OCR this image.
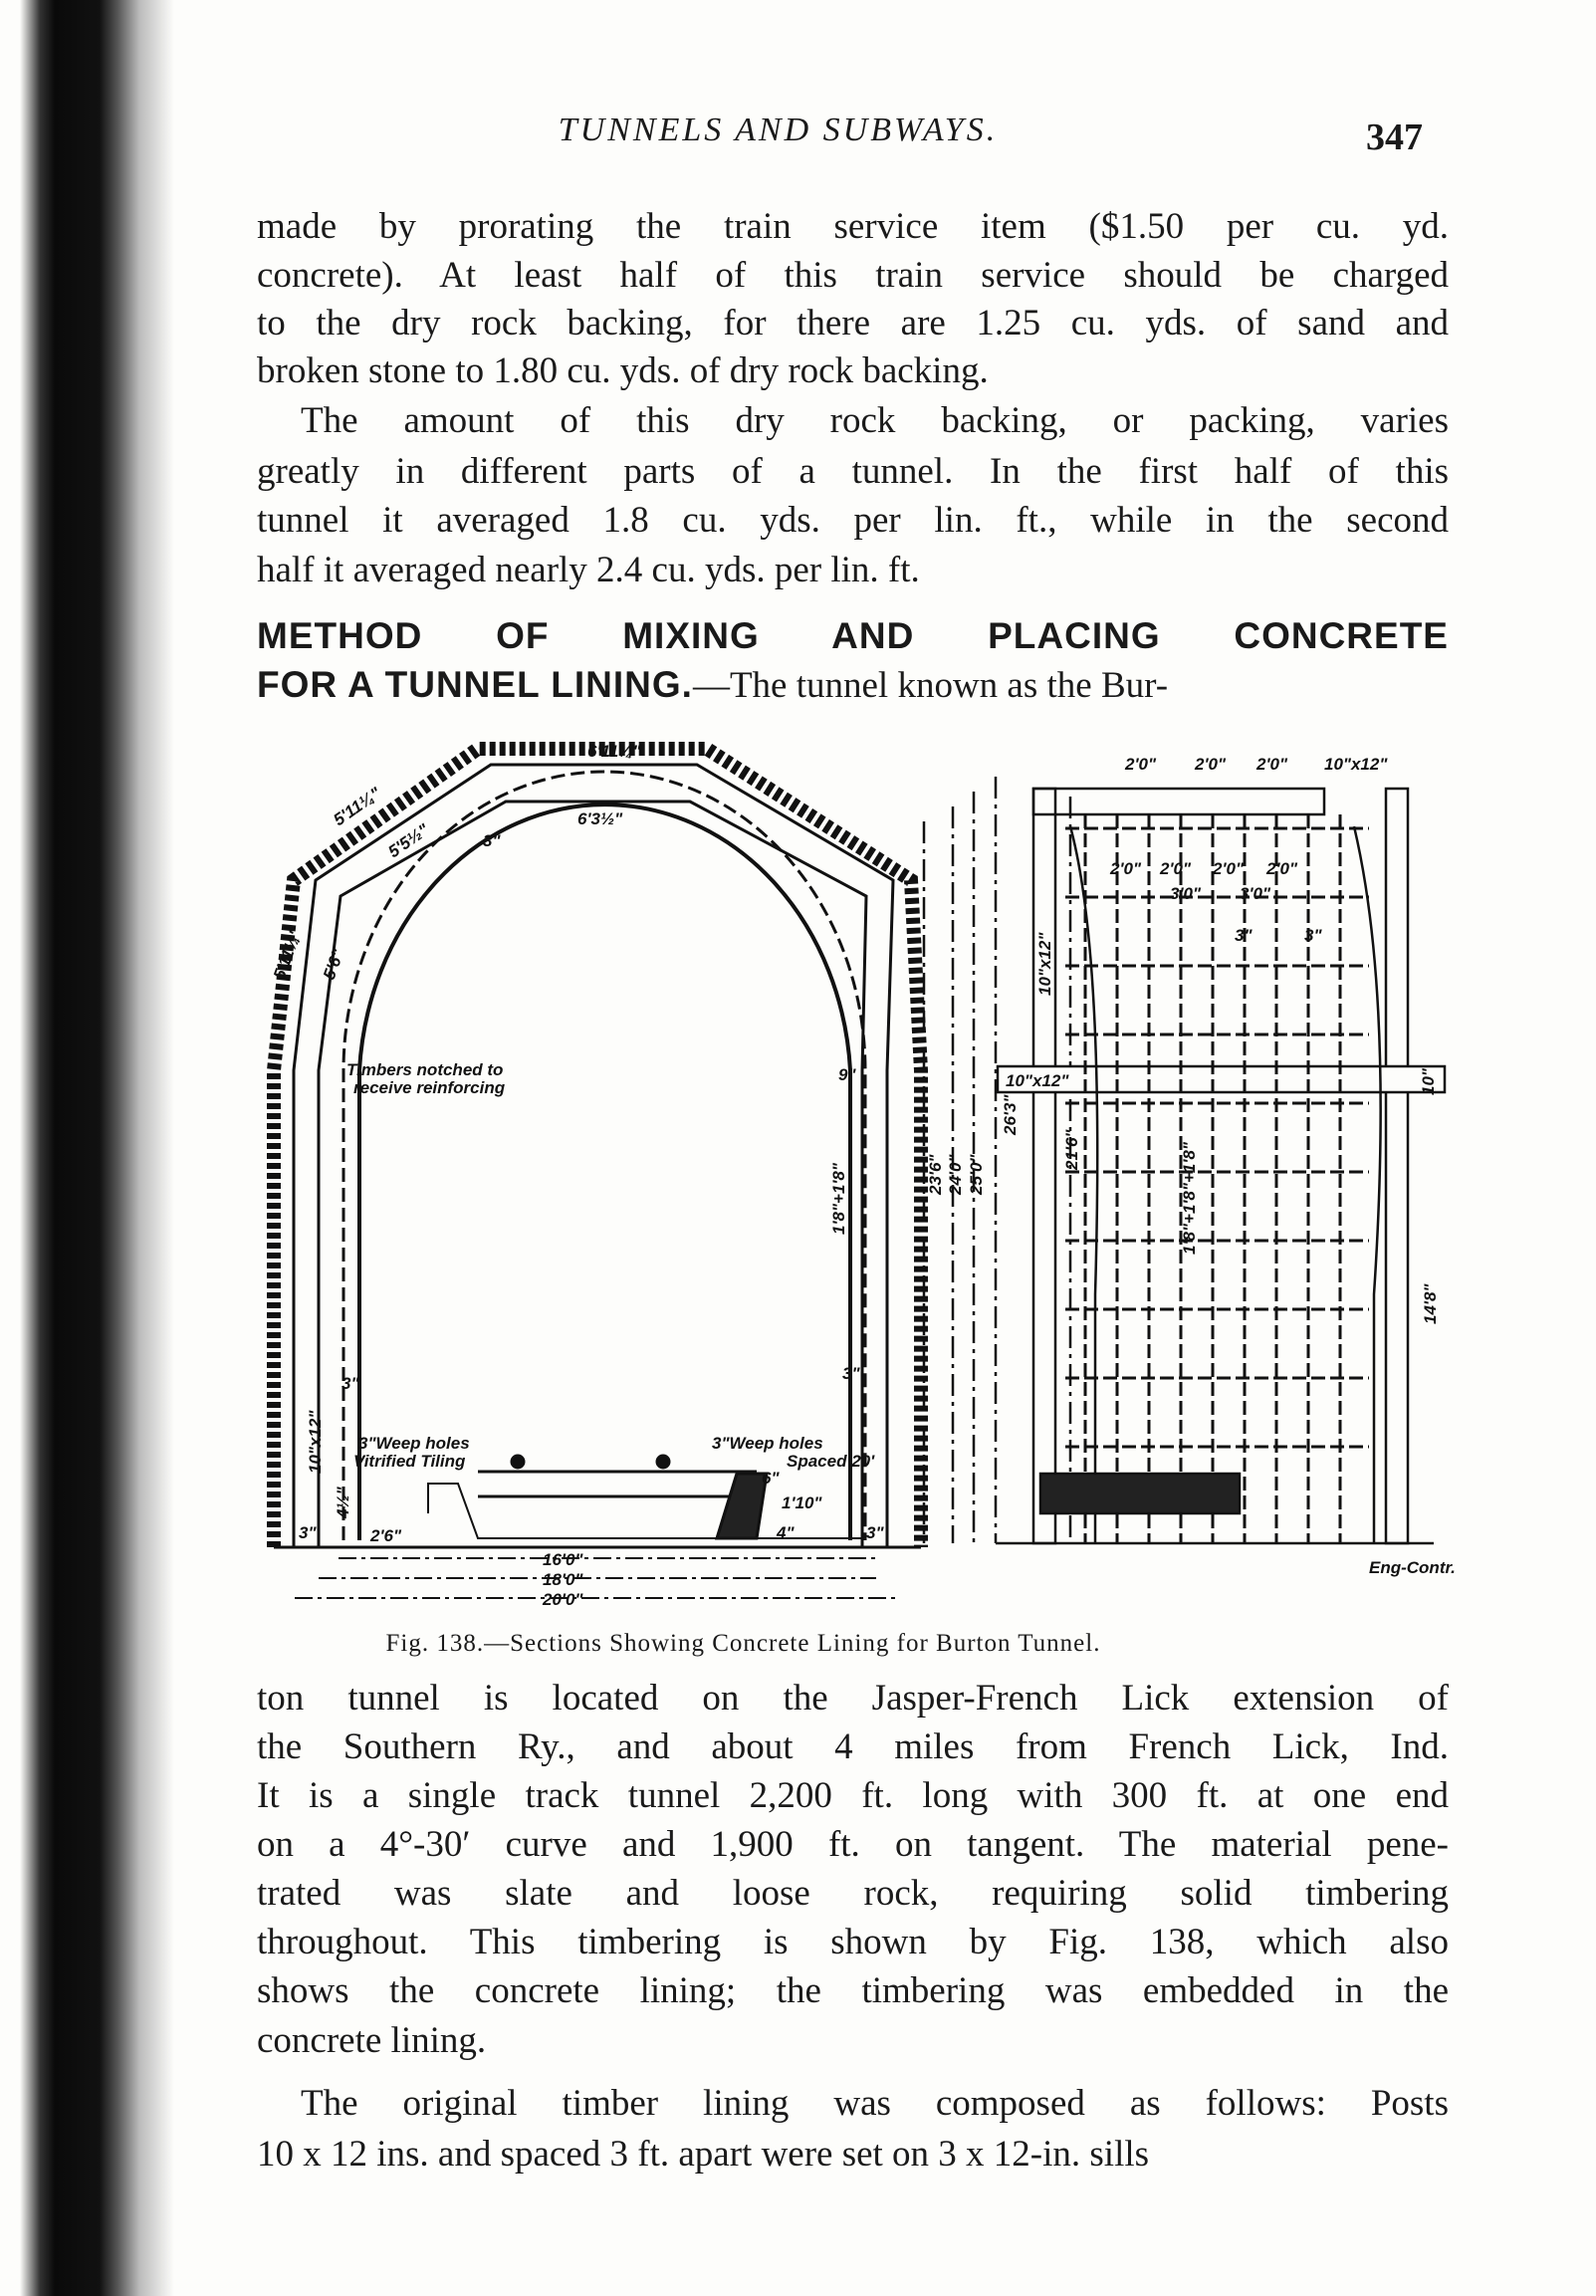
TUNNELS AND SUBWAYS.	347
made by prorating the train service item ($1.50 per cu. yd.
concrete). At least half of this train service should be charged
to the dry rock backing, for there are 1.25 cu. yds. of sand and
broken stone to 1.80 cu. yds. of dry rock backing.
The amount of this dry rock backing, or packing, varies
greatly in different parts of a tunnel. In the first half of this
tunnel it averaged 1.8 cu. yds. per lin. ft., while in the second
half it averaged nearly 2.4 cu. yds. per lin. ft.
ton tunnel is located on the Jasper-French Lick extension of
the Southern Ry., and about 4 miles from French Lick, Ind.
It is a single track tunnel 2,200 ft. long with 300 ft. at one end
on a 4°-30′ curve and 1,900 ft. on tangent. The material pene-
trated was slate and loose rock, requiring solid timbering
throughout. This timbering is shown by Fig. 138, which also
shows the concrete lining; the timbering was embedded in the
concrete lining.
The original timber lining was composed as follows: Posts
10 x 12 ins. and spaced 3 ft. apart were set on 3 x 12-in. sills
METHOD OF MIXING AND PLACING CONCRETE
FOR A TUNNEL LINING.—The tunnel known as the Bur-
6'11¼"
6'3½"
5'11¼"
5'5½"
5'11¼" 5'6"
3"
9"
Timbers notched to
receive reinforcing
1'8"+1'8"
10"x12"
3"
3"
3"Weep holes
Vitrified Tiling
3"Weep holes
Spaced 20'
4½"
2'6"
6"
1'10"
4"
3"	3"
16'0"
18'0"
20'0"
23'6" 24'0" 25'0"
26'3"
21'6"
2'0" 2'0" 2'0" 10"x12"
2'0" 2'0" 2'0" 2'0"
3'0" 3'0"
3"	3"
10"x12"
10"x12"	10"
1'8"+1'8"+1'8"
14'8"
Eng-Contr.
Fig. 138.—Sections Showing Concrete Lining for Burton Tunnel.
